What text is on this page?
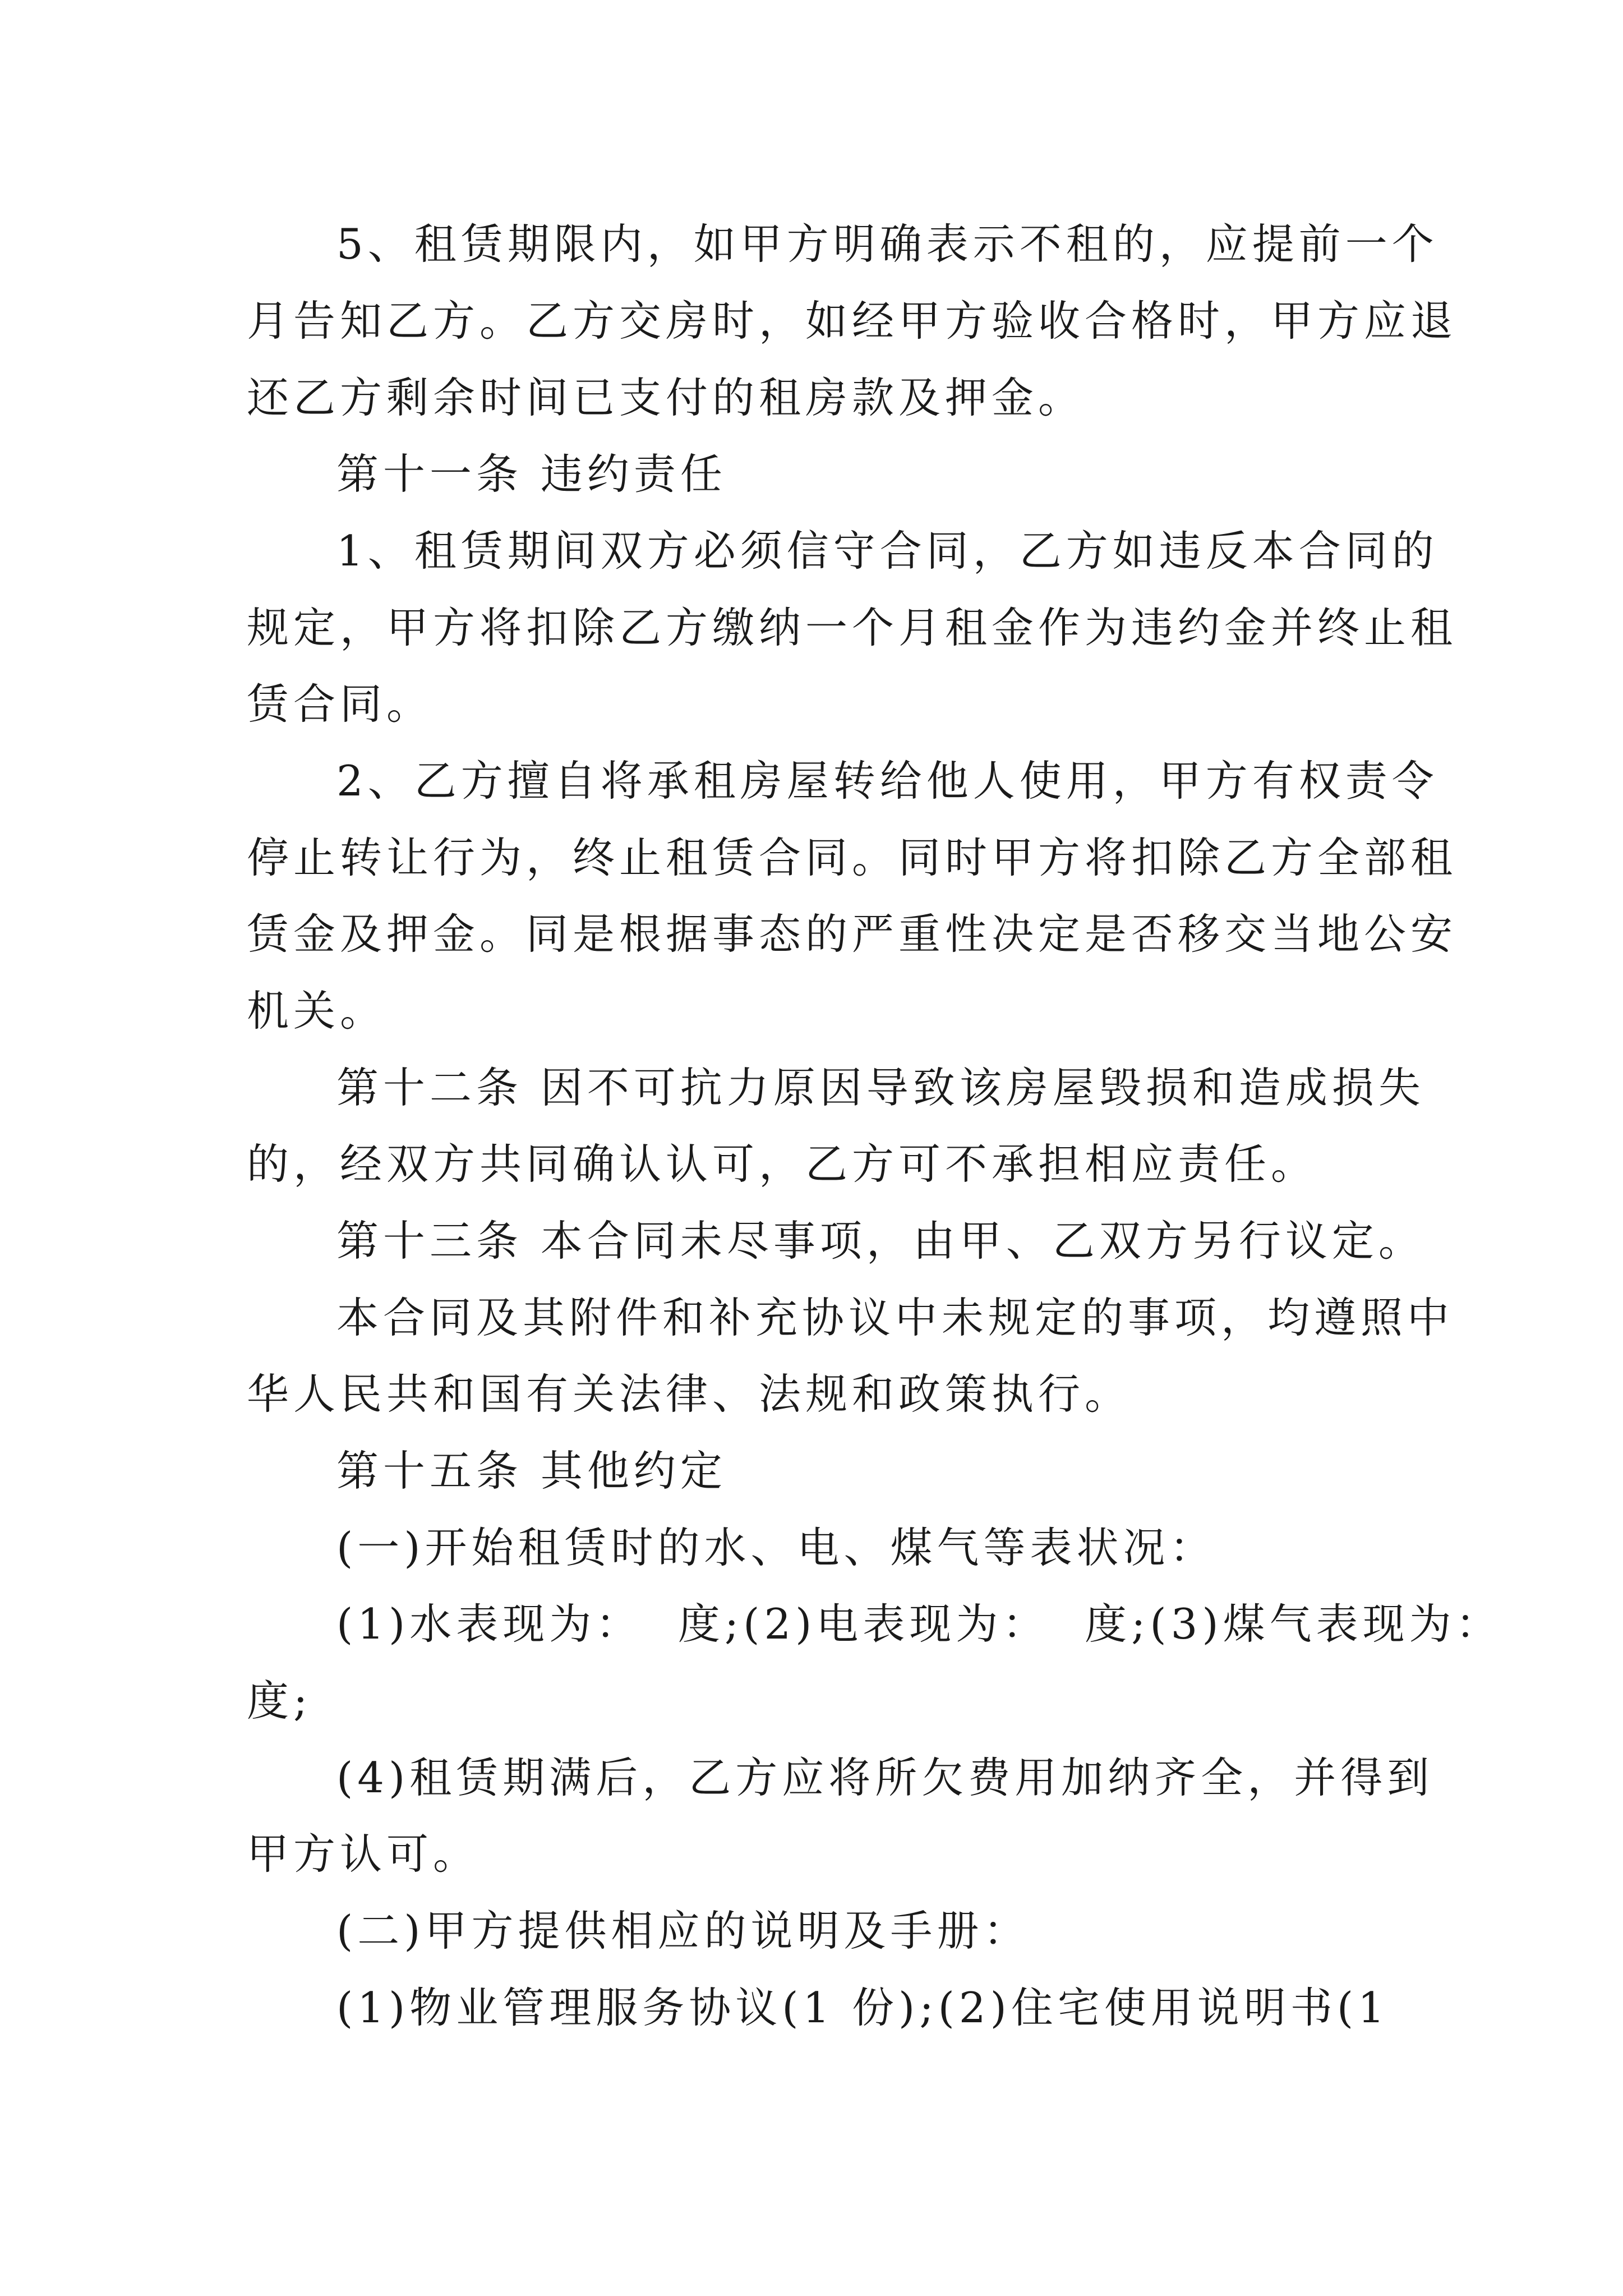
5、租赁期限内，如甲方明确表示不租的，应提前一个
月告知乙方。乙方交房时，如经甲方验收合格时，甲方应退
还乙方剩余时间已支付的租房款及押金。
第十一条 违约责任
1、租赁期间双方必须信守合同，乙方如违反本合同的
规定，甲方将扣除乙方缴纳一个月租金作为违约金并终止租
赁合同。
2、乙方擅自将承租房屋转给他人使用，甲方有权责令
停止转让行为，终止租赁合同。同时甲方将扣除乙方全部租
赁金及押金。同是根据事态的严重性决定是否移交当地公安
机关。
第十二条 因不可抗力原因导致该房屋毁损和造成损失
的，经双方共同确认认可，乙方可不承担相应责任。
第十三条 本合同未尽事项，由甲、乙双方另行议定。
本合同及其附件和补充协议中未规定的事项，均遵照中
华人民共和国有关法律、法规和政策执行。
第十五条 其他约定
(一)开始租赁时的水、电、煤气等表状况：
(1)水表现为：  度;(2)电表现为：  度;(3)煤气表现为：
度;
(4)租赁期满后，乙方应将所欠费用加纳齐全，并得到
甲方认可。
(二)甲方提供相应的说明及手册：
(1)物业管理服务协议(1 份);(2)住宅使用说明书(1
